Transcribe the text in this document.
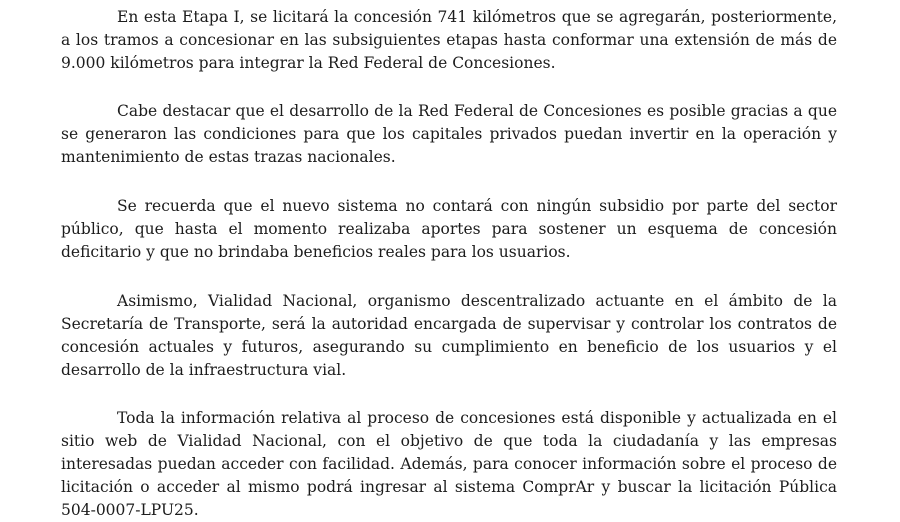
En esta Etapa I, se licitará la concesión 741 kilómetros que se agregarán, posteriormente, a los tramos a concesionar en las subsiguientes etapas hasta conformar una extensión de más de 9.000 kilómetros para integrar la Red Federal de Concesiones.

Cabe destacar que el desarrollo de la Red Federal de Concesiones es posible gracias a que se generaron las condiciones para que los capitales privados puedan invertir en la operación y mantenimiento de estas trazas nacionales.

Se recuerda que el nuevo sistema no contará con ningún subsidio por parte del sector público, que hasta el momento realizaba aportes para sostener un esquema de concesión deficitario y que no brindaba beneficios reales para los usuarios.

Asimismo, Vialidad Nacional, organismo descentralizado actuante en el ámbito de la Secretaría de Transporte, será la autoridad encargada de supervisar y controlar los contratos de concesión actuales y futuros, asegurando su cumplimiento en beneficio de los usuarios y el desarrollo de la infraestructura vial.

Toda la información relativa al proceso de concesiones está disponible y actualizada en el sitio web de Vialidad Nacional, con el objetivo de que toda la ciudadanía y las empresas interesadas puedan acceder con facilidad. Además, para conocer información sobre el proceso de licitación o acceder al mismo podrá ingresar al sistema ComprAr y buscar la licitación Pública 504-0007-LPU25.
